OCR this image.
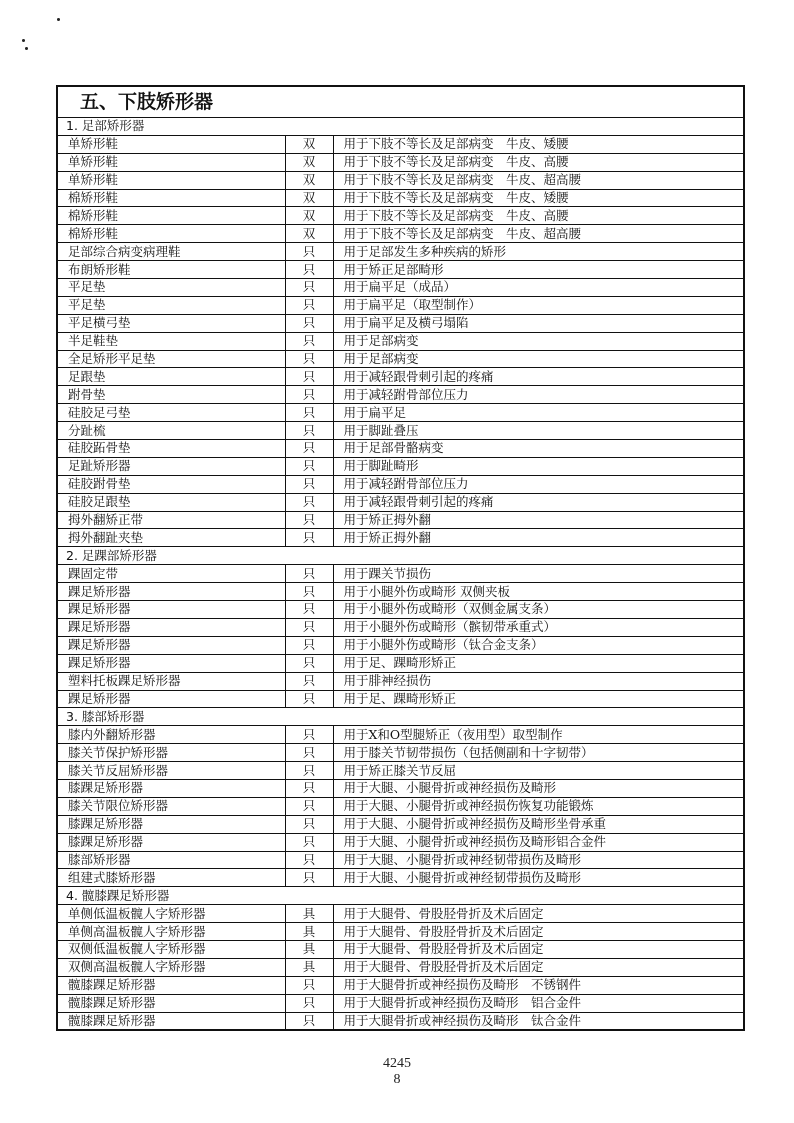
五、下肢矫形器		
1. 足部矫形器		
单矫形鞋	双	用于下肢不等长及足部病变　牛皮、矮腰
单矫形鞋	双	用于下肢不等长及足部病变　牛皮、高腰
单矫形鞋	双	用于下肢不等长及足部病变　牛皮、超高腰
棉矫形鞋	双	用于下肢不等长及足部病变　牛皮、矮腰
棉矫形鞋	双	用于下肢不等长及足部病变　牛皮、高腰
棉矫形鞋	双	用于下肢不等长及足部病变　牛皮、超高腰
足部综合病变病理鞋	只	用于足部发生多种疾病的矫形
布朗矫形鞋	只	用于矫正足部畸形
平足垫	只	用于扁平足（成品）
平足垫	只	用于扁平足（取型制作）
平足横弓垫	只	用于扁平足及横弓塌陷
半足鞋垫	只	用于足部病变
全足矫形平足垫	只	用于足部病变
足跟垫	只	用于减轻跟骨刺引起的疼痛
跗骨垫	只	用于减轻跗骨部位压力
硅胶足弓垫	只	用于扁平足
分趾梳	只	用于脚趾叠压
硅胶跖骨垫	只	用于足部骨骼病变
足趾矫形器	只	用于脚趾畸形
硅胶跗骨垫	只	用于减轻跗骨部位压力
硅胶足跟垫	只	用于减轻跟骨刺引起的疼痛
拇外翻矫正带	只	用于矫正拇外翻
拇外翻趾夹垫	只	用于矫正拇外翻
2. 足踝部矫形器		
踝固定带	只	用于踝关节损伤
踝足矫形器	只	用于小腿外伤或畸形 双侧夹板
踝足矫形器	只	用于小腿外伤或畸形（双侧金属支条）
踝足矫形器	只	用于小腿外伤或畸形（髌韧带承重式）
踝足矫形器	只	用于小腿外伤或畸形（钛合金支条）
踝足矫形器	只	用于足、踝畸形矫正
塑料托板踝足矫形器	只	用于腓神经损伤
踝足矫形器	只	用于足、踝畸形矫正
3. 膝部矫形器		
膝内外翻矫形器	只	用于X和O型腿矫正（夜用型）取型制作
膝关节保护矫形器	只	用于膝关节韧带损伤（包括侧副和十字韧带）
膝关节反屈矫形器	只	用于矫正膝关节反屈
膝踝足矫形器	只	用于大腿、小腿骨折或神经损伤及畸形
膝关节限位矫形器	只	用于大腿、小腿骨折或神经损伤恢复功能锻炼
膝踝足矫形器	只	用于大腿、小腿骨折或神经损伤及畸形坐骨承重
膝踝足矫形器	只	用于大腿、小腿骨折或神经损伤及畸形铝合金件
膝部矫形器	只	用于大腿、小腿骨折或神经韧带损伤及畸形
组建式膝矫形器	只	用于大腿、小腿骨折或神经韧带损伤及畸形
4. 髋膝踝足矫形器		
单侧低温板髋人字矫形器	具	用于大腿骨、骨股胫骨折及术后固定
单侧高温板髋人字矫形器	具	用于大腿骨、骨股胫骨折及术后固定
双侧低温板髋人字矫形器	具	用于大腿骨、骨股胫骨折及术后固定
双侧高温板髋人字矫形器	具	用于大腿骨、骨股胫骨折及术后固定
髋膝踝足矫形器	只	用于大腿骨折或神经损伤及畸形　不锈钢件
髋膝踝足矫形器	只	用于大腿骨折或神经损伤及畸形　铝合金件
髋膝踝足矫形器	只	用于大腿骨折或神经损伤及畸形　钛合金件
4245
8
